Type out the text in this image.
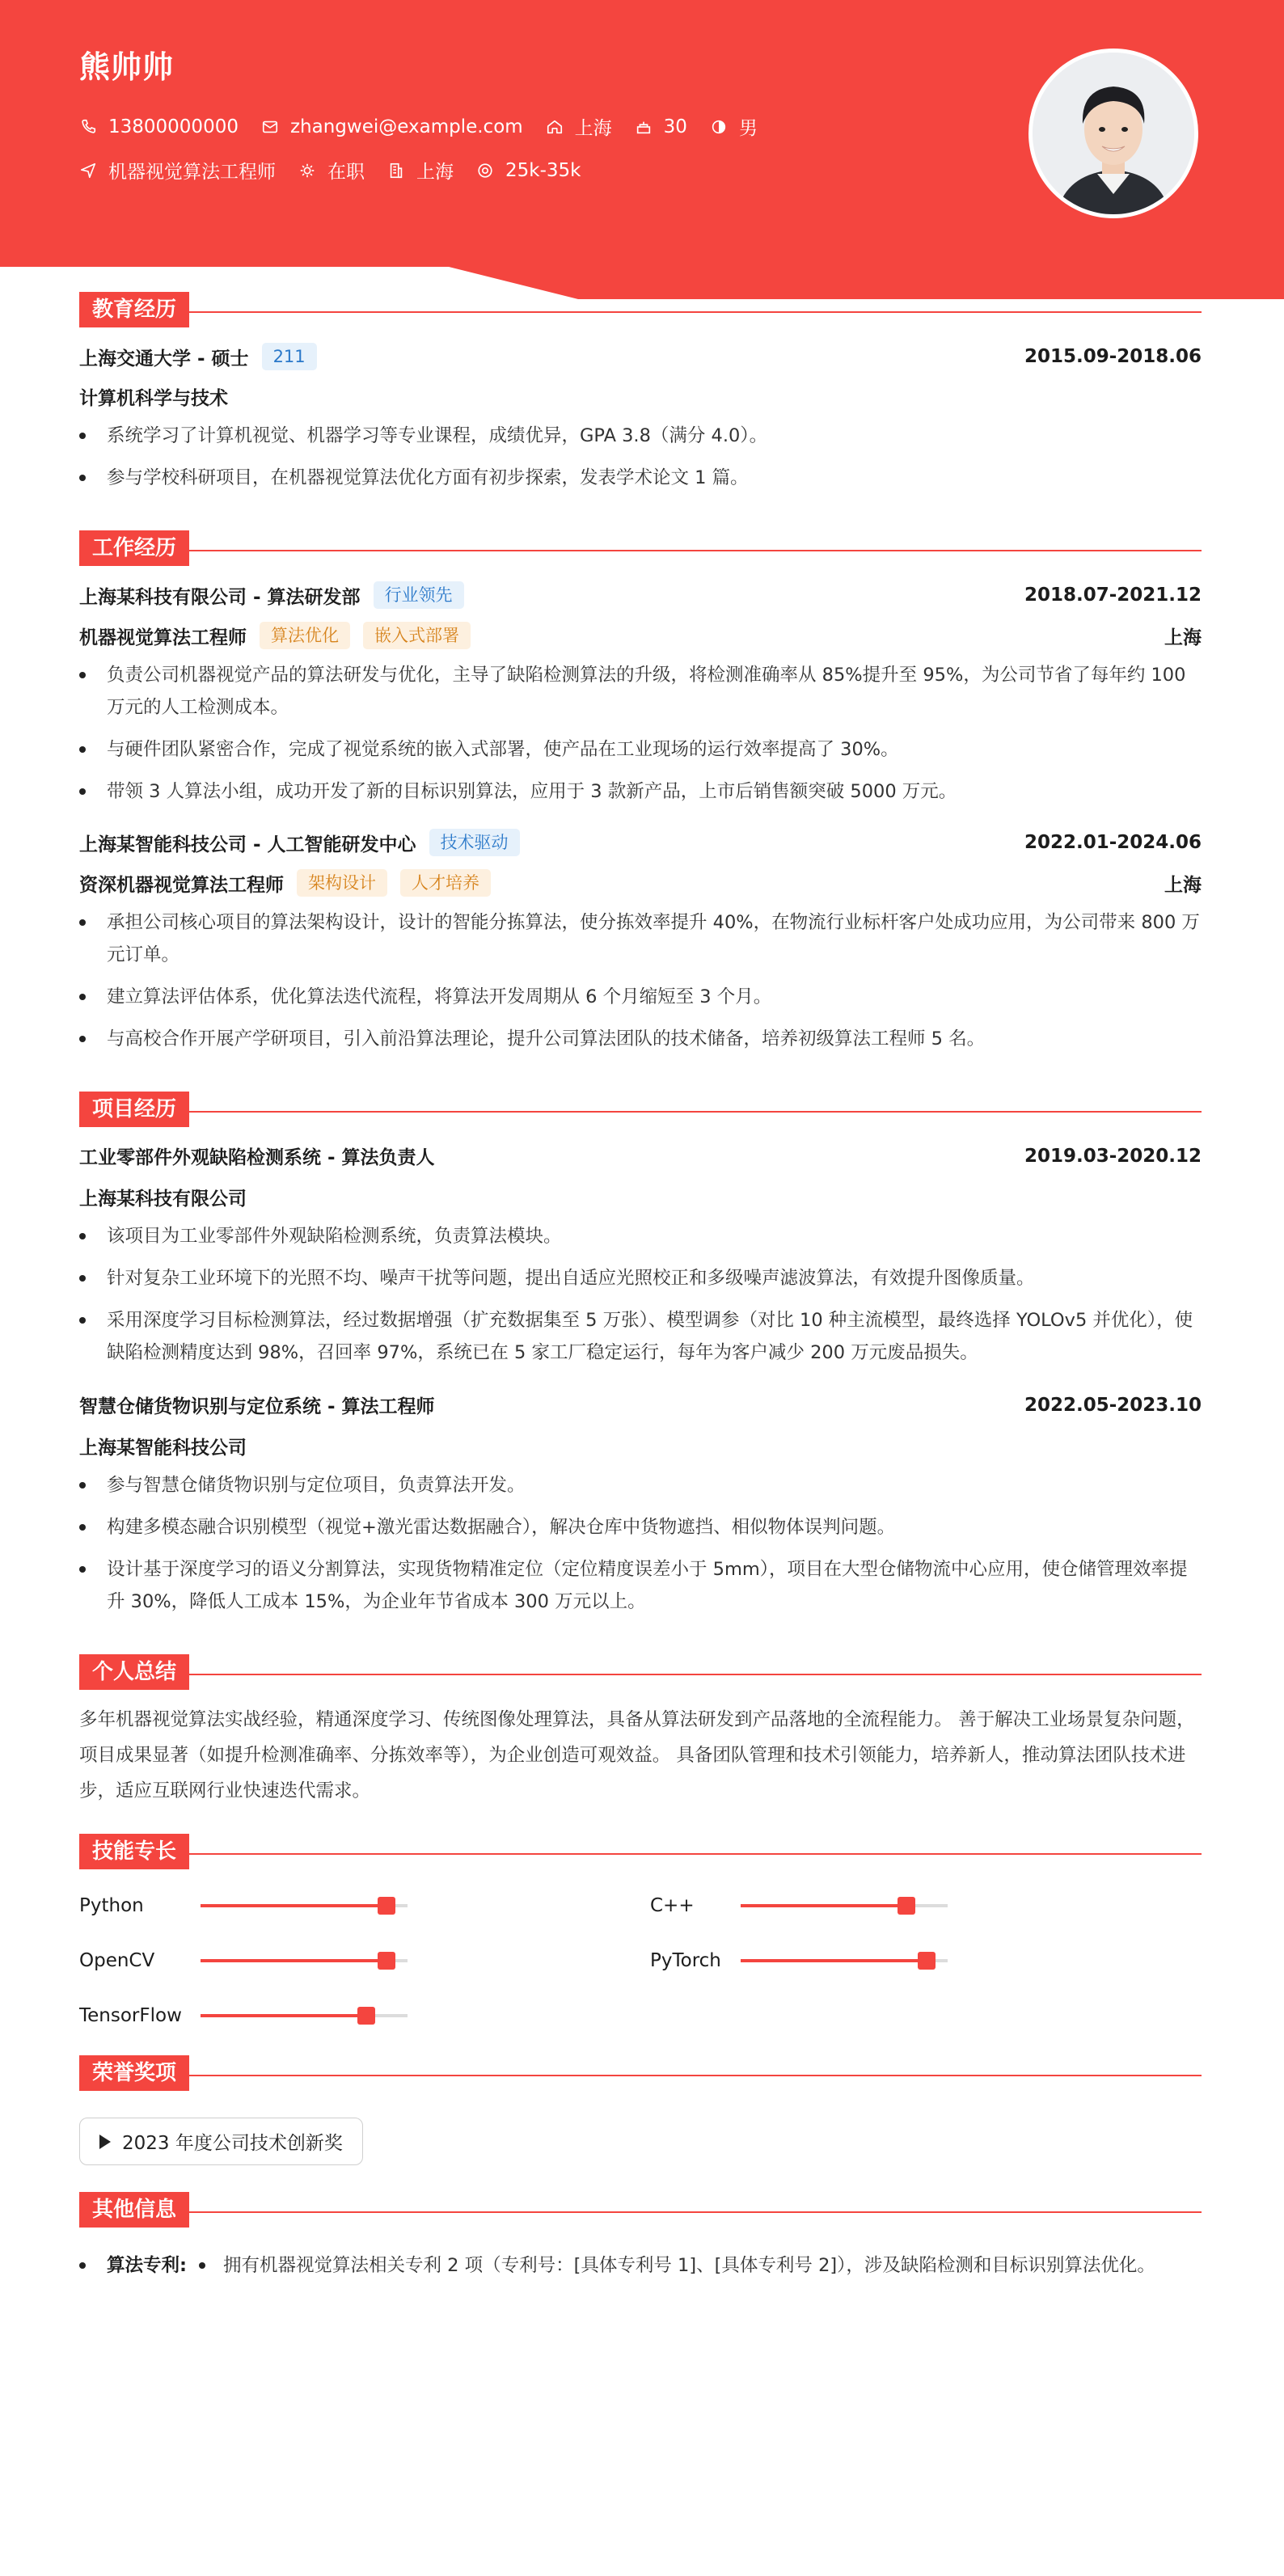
熊帅帅
13800000000	zhangwei@example.com	上海	30	男
机器视觉算法工程师	在职	上海	25k-35k
教育经历
上海交通大学 - 硕士	211	2015.09-2018.06
计算机科学与技术
系统学习了计算机视觉、机器学习等专业课程，成绩优异，GPA 3.8（满分 4.0）。
参与学校科研项目，在机器视觉算法优化方面有初步探索，发表学术论文 1 篇。
工作经历
上海某科技有限公司 - 算法研发部	行业领先	2018.07-2021.12
机器视觉算法工程师	算法优化	嵌入式部署	上海
负责公司机器视觉产品的算法研发与优化，主导了缺陷检测算法的升级，将检测准确率从 85%提升至 95%，为公司节省了每年约 100 万元的人工检测成本。
与硬件团队紧密合作，完成了视觉系统的嵌入式部署，使产品在工业现场的运行效率提高了 30%。
带领 3 人算法小组，成功开发了新的目标识别算法，应用于 3 款新产品，上市后销售额突破 5000 万元。
上海某智能科技公司 - 人工智能研发中心	技术驱动	2022.01-2024.06
资深机器视觉算法工程师	架构设计	人才培养	上海
承担公司核心项目的算法架构设计，设计的智能分拣算法，使分拣效率提升 40%，在物流行业标杆客户处成功应用，为公司带来 800 万元订单。
建立算法评估体系，优化算法迭代流程，将算法开发周期从 6 个月缩短至 3 个月。
与高校合作开展产学研项目，引入前沿算法理论，提升公司算法团队的技术储备，培养初级算法工程师 5 名。
项目经历
工业零部件外观缺陷检测系统 - 算法负责人	2019.03-2020.12
上海某科技有限公司
该项目为工业零部件外观缺陷检测系统，负责算法模块。
针对复杂工业环境下的光照不均、噪声干扰等问题，提出自适应光照校正和多级噪声滤波算法，有效提升图像质量。
采用深度学习目标检测算法，经过数据增强（扩充数据集至 5 万张）、模型调参（对比 10 种主流模型，最终选择 YOLOv5 并优化），使缺陷检测精度达到 98%，召回率 97%，系统已在 5 家工厂稳定运行，每年为客户减少 200 万元废品损失。
智慧仓储货物识别与定位系统 - 算法工程师	2022.05-2023.10
上海某智能科技公司
参与智慧仓储货物识别与定位项目，负责算法开发。
构建多模态融合识别模型（视觉+激光雷达数据融合），解决仓库中货物遮挡、相似物体误判问题。
设计基于深度学习的语义分割算法，实现货物精准定位（定位精度误差小于 5mm），项目在大型仓储物流中心应用，使仓储管理效率提升 30%，降低人工成本 15%，为企业年节省成本 300 万元以上。
个人总结
多年机器视觉算法实战经验，精通深度学习、传统图像处理算法，具备从算法研发到产品落地的全流程能力。 善于解决工业场景复杂问题，项目成果显著（如提升检测准确率、分拣效率等），为企业创造可观效益。 具备团队管理和技术引领能力，培养新人，推动算法团队技术进步，适应互联网行业快速迭代需求。
技能专长
Python	C++
OpenCV	PyTorch
TensorFlow
荣誉奖项
2023 年度公司技术创新奖
其他信息
算法专利:	拥有机器视觉算法相关专利 2 项（专利号：[具体专利号 1]、[具体专利号 2]），涉及缺陷检测和目标识别算法优化。
